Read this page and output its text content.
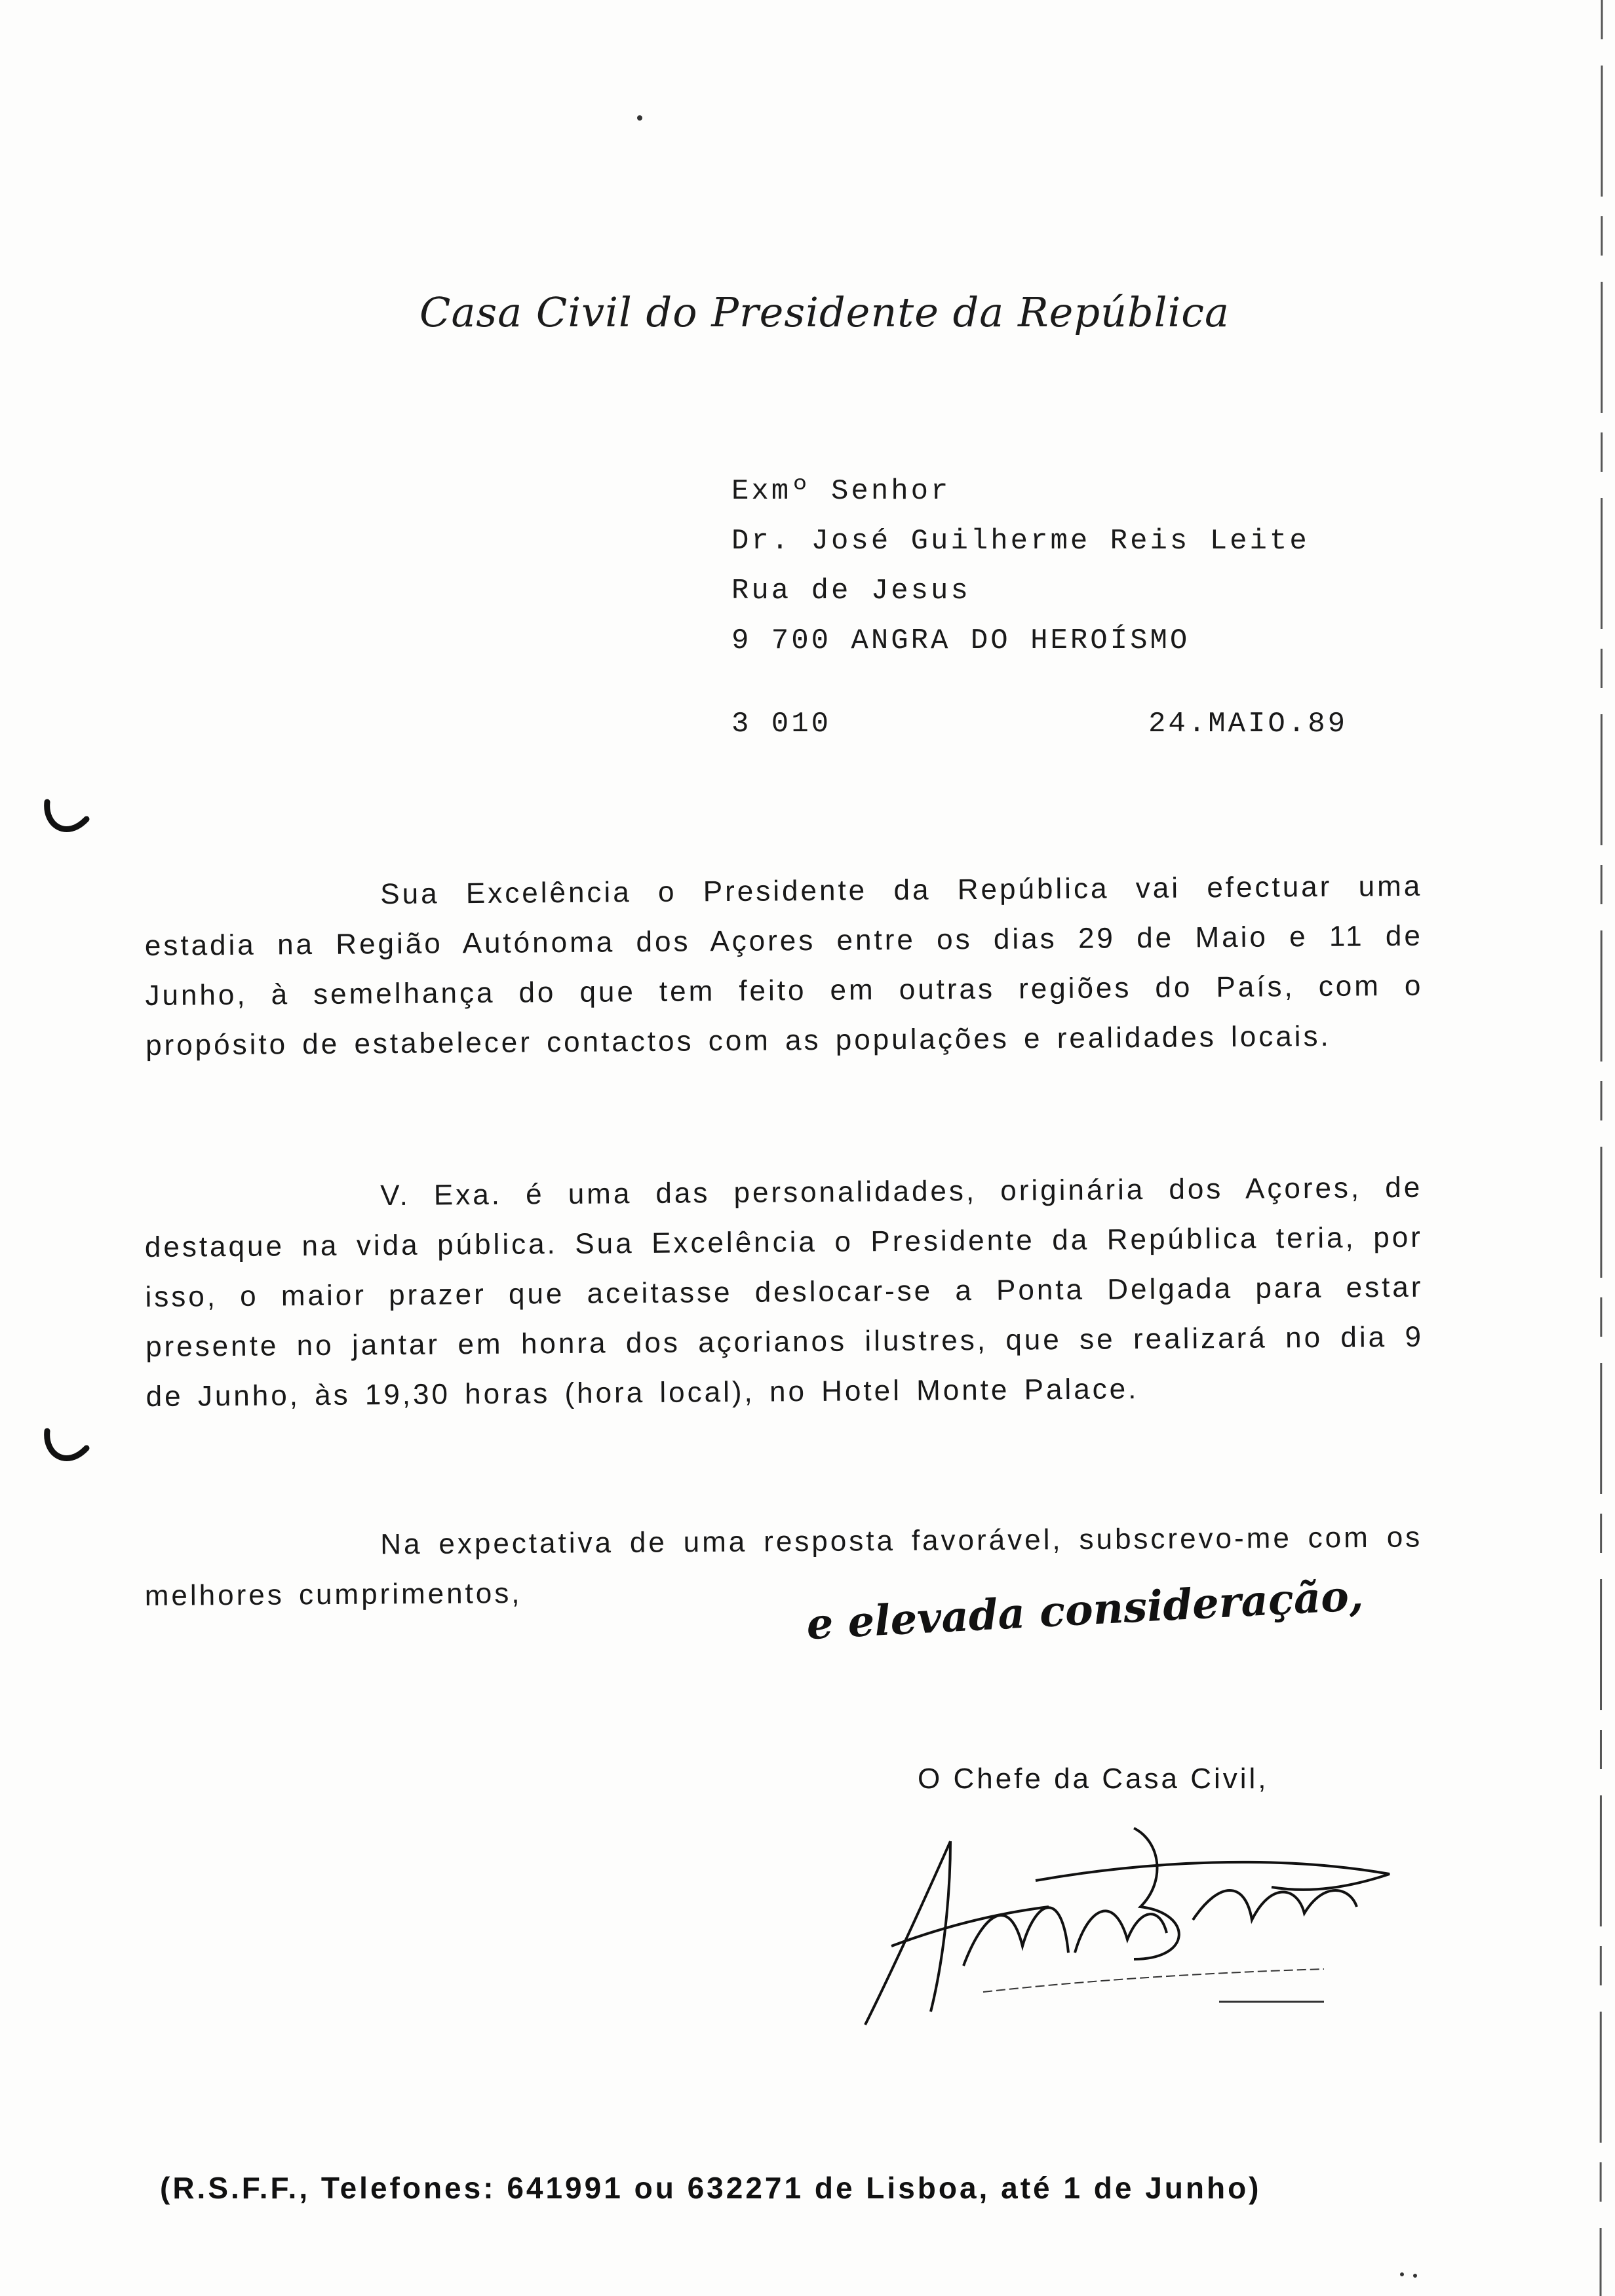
Casa Civil do Presidente da República
Exmº Senhor
Dr. José Guilherme Reis Leite
Rua de Jesus
9 700 ANGRA DO HEROÍSMO
3 010	24.MAIO.89

Sua Excelência o Presidente da República vai efectuar uma estadia na Região Autónoma dos Açores entre os dias 29 de Maio e 11 de Junho, à semelhança do que tem feito em outras regiões do País, com o propósito de estabelecer contactos com as populações e realidades locais.

V. Exa. é uma das personalidades, originária dos Açores, de destaque na vida pública. Sua Excelência o Presidente da República teria, por isso, o maior prazer que aceitasse deslocar-se a Ponta Delgada para estar presente no jantar em honra dos açorianos ilustres, que se realizará no dia 9 de Junho, às 19,30 horas (hora local), no Hotel Monte Palace.

Na expectativa de uma resposta favorável, subscrevo-me com os melhores cumprimentos,	e elevada consideração,
O Chefe da Casa Civil,
(R.S.F.F., Telefones: 641991 ou 632271 de Lisboa, até 1 de Junho)
